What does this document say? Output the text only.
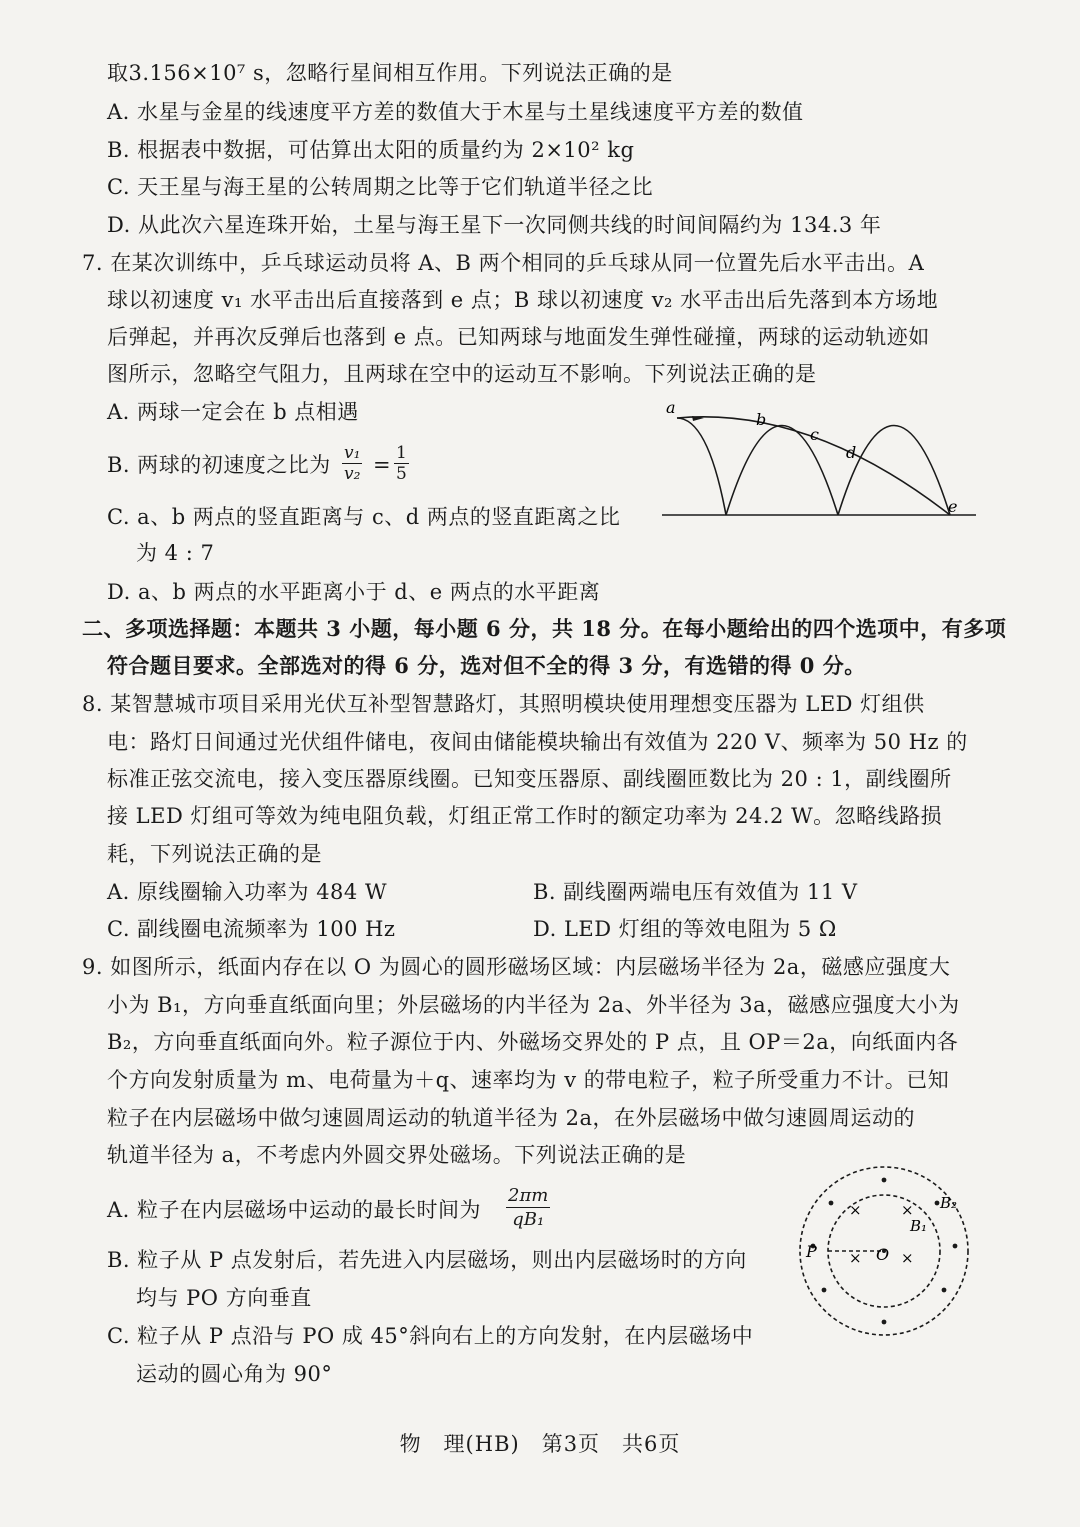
取3.156×10⁷ s，忽略行星间相互作用。下列说法正确的是
A. 水星与金星的线速度平方差的数值大于木星与土星线速度平方差的数值
B. 根据表中数据，可估算出太阳的质量约为 2×10² kg
C. 天王星与海王星的公转周期之比等于它们轨道半径之比
D. 从此次六星连珠开始，土星与海王星下一次同侧共线的时间间隔约为 134.3 年
7. 在某次训练中，乒乓球运动员将 A、B 两个相同的乒乓球从同一位置先后水平击出。A
球以初速度 v₁ 水平击出后直接落到 e 点；B 球以初速度 v₂ 水平击出后先落到本方场地
后弹起，并再次反弹后也落到 e 点。已知两球与地面发生弹性碰撞，两球的运动轨迹如
图所示，忽略空气阻力，且两球在空中的运动互不影响。下列说法正确的是
A. 两球一定会在 b 点相遇
B. 两球的初速度之比为 $\frac{\text{v₁}}{\text{v₂}} = \frac{1}{5}$
C. a、b 两点的竖直距离与 c、d 两点的竖直距离之比
为 4 : 7
D. a、b 两点的水平距离小于 d、e 两点的水平距离
a
b
c
d
e
二、多项选择题：本题共 3 小题，每小题 6 分，共 18 分。在每小题给出的四个选项中，有多项
符合题目要求。全部选对的得 6 分，选对但不全的得 3 分，有选错的得 0 分。
8. 某智慧城市项目采用光伏互补型智慧路灯，其照明模块使用理想变压器为 LED 灯组供
电：路灯日间通过光伏组件储电，夜间由储能模块输出有效值为 220 V、频率为 50 Hz 的
标准正弦交流电，接入变压器原线圈。已知变压器原、副线圈匝数比为 20 : 1，副线圈所
接 LED 灯组可等效为纯电阻负载，灯组正常工作时的额定功率为 24.2 W。忽略线路损
耗，下列说法正确的是
A. 原线圈输入功率为 484 W	B. 副线圈两端电压有效值为 11 V
C. 副线圈电流频率为 100 Hz	D. LED 灯组的等效电阻为 5 Ω
9. 如图所示，纸面内存在以 O 为圆心的圆形磁场区域：内层磁场半径为 2a，磁感应强度大
小为 B₁，方向垂直纸面向里；外层磁场的内半径为 2a、外半径为 3a，磁感应强度大小为
B₂，方向垂直纸面向外。粒子源位于内、外磁场交界处的 P 点，且 OP＝2a，向纸面内各
个方向发射质量为 m、电荷量为＋q、速率均为 v 的带电粒子，粒子所受重力不计。已知
粒子在内层磁场中做匀速圆周运动的轨道半径为 2a，在外层磁场中做匀速圆周运动的
轨道半径为 a，不考虑内外圆交界处磁场。下列说法正确的是
A. 粒子在内层磁场中运动的最长时间为 $\frac{2\pi m}{\text{qB₁}}$
B. 粒子从 P 点发射后，若先进入内层磁场，则出内层磁场时的方向
均与 PO 方向垂直
C. 粒子从 P 点沿与 PO 成 45°斜向右上的方向发射，在内层磁场中
运动的圆心角为 90°
×	×
×	×
P	O
B₁
B₂
物　理(HB)　第3页　共6页
